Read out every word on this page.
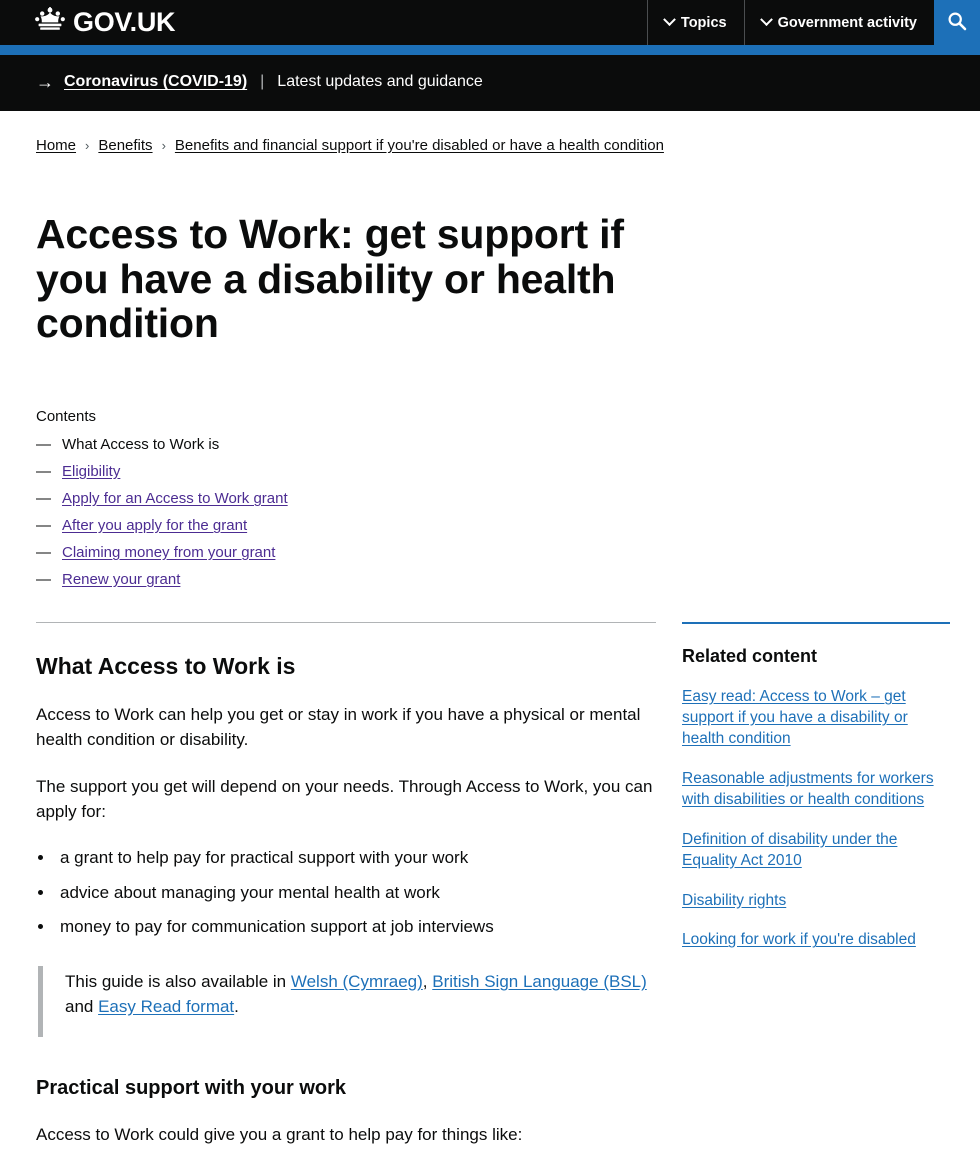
GOV.UK	Topics	Government activity
→ Coronavirus (COVID-19) | Latest updates and guidance
Home › Benefits › Benefits and financial support if you're disabled or have a health condition
Access to Work: get support if you have a disability or health condition

Contents

— What Access to Work is
— Eligibility
— Apply for an Access to Work grant
— After you apply for the grant
— Claiming money from your grant
— Renew your grant
What Access to Work is

Access to Work can help you get or stay in work if you have a physical or mental health condition or disability.

The support you get will depend on your needs. Through Access to Work, you can apply for:

• a grant to help pay for practical support with your work
• advice about managing your mental health at work
• money to pay for communication support at job interviews

This guide is also available in Welsh (Cymraeg), British Sign Language (BSL) and Easy Read format.

Practical support with your work

Access to Work could give you a grant to help pay for things like:

Related content
Easy read: Access to Work – get support if you have a disability or health condition
Reasonable adjustments for workers with disabilities or health conditions
Definition of disability under the Equality Act 2010
Disability rights
Looking for work if you're disabled
